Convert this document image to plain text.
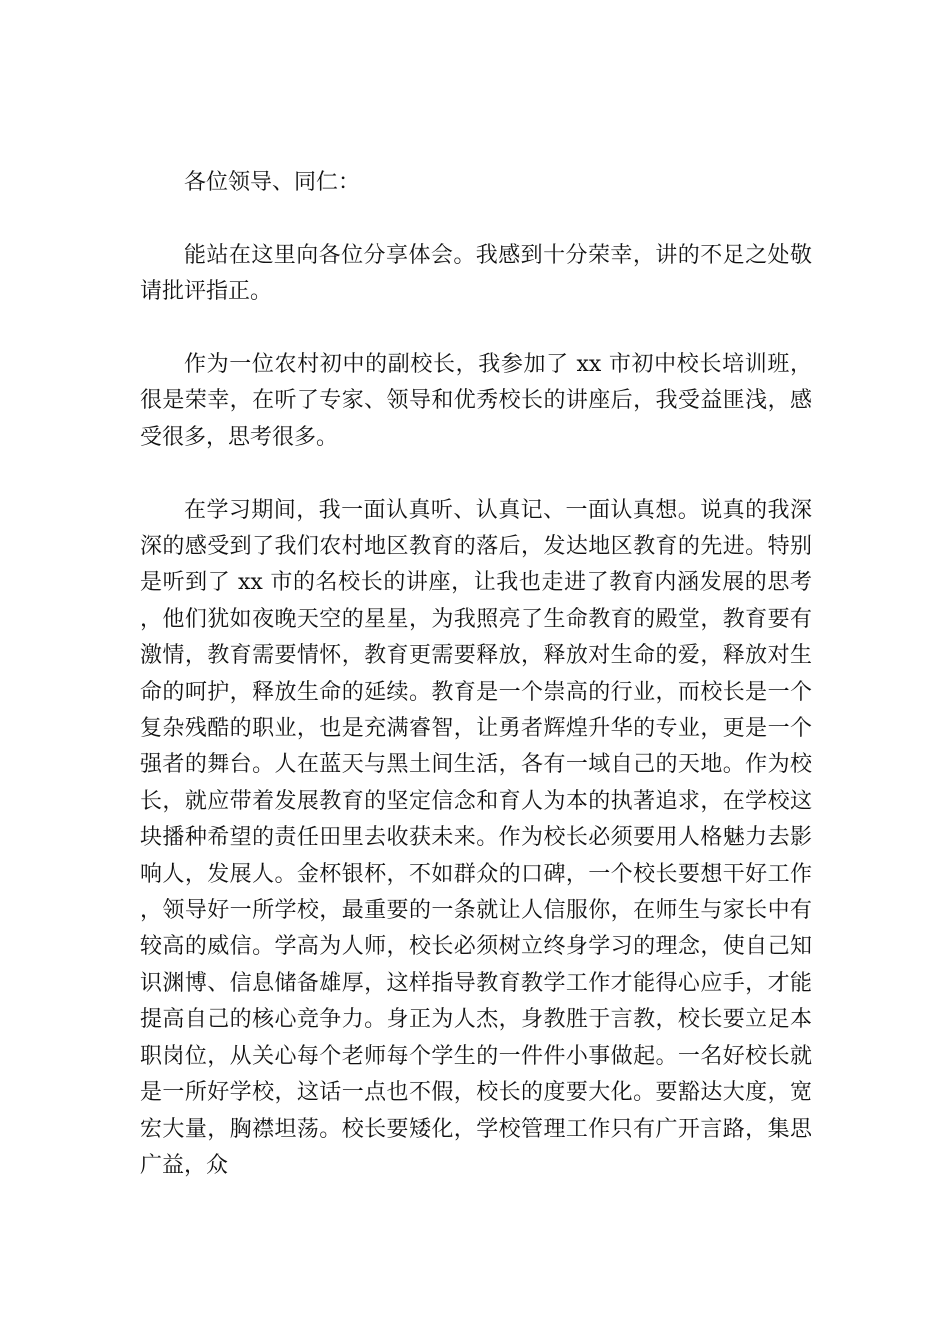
各位领导、同仁：

能站在这里向各位分享体会。我感到十分荣幸，讲的不足之处敬请批评指正。

作为一位农村初中的副校长，我参加了 xx 市初中校长培训班，很是荣幸，在听了专家、领导和优秀校长的讲座后，我受益匪浅，感受很多，思考很多。

在学习期间，我一面认真听、认真记、一面认真想。说真的我深深的感受到了我们农村地区教育的落后，发达地区教育的先进。特别是听到了 xx 市的名校长的讲座，让我也走进了教育内涵发展的思考，他们犹如夜晚天空的星星，为我照亮了生命教育的殿堂，教育要有激情，教育需要情怀，教育更需要释放，释放对生命的爱，释放对生命的呵护，释放生命的延续。教育是一个崇高的行业，而校长是一个复杂残酷的职业，也是充满睿智，让勇者辉煌升华的专业，更是一个强者的舞台。人在蓝天与黑土间生活，各有一域自己的天地。作为校长，就应带着发展教育的坚定信念和育人为本的执著追求，在学校这块播种希望的责任田里去收获未来。作为校长必须要用人格魅力去影响人，发展人。金杯银杯，不如群众的口碑，一个校长要想干好工作，领导好一所学校，最重要的一条就让人信服你，在师生与家长中有较高的威信。学高为人师，校长必须树立终身学习的理念，使自己知识渊博、信息储备雄厚，这样指导教育教学工作才能得心应手，才能提高自己的核心竞争力。身正为人杰，身教胜于言教，校长要立足本职岗位，从关心每个老师每个学生的一件件小事做起。一名好校长就是一所好学校，这话一点也不假，校长的度要大化。要豁达大度，宽宏大量，胸襟坦荡。校长要矮化，学校管理工作只有广开言路，集思广益，众
